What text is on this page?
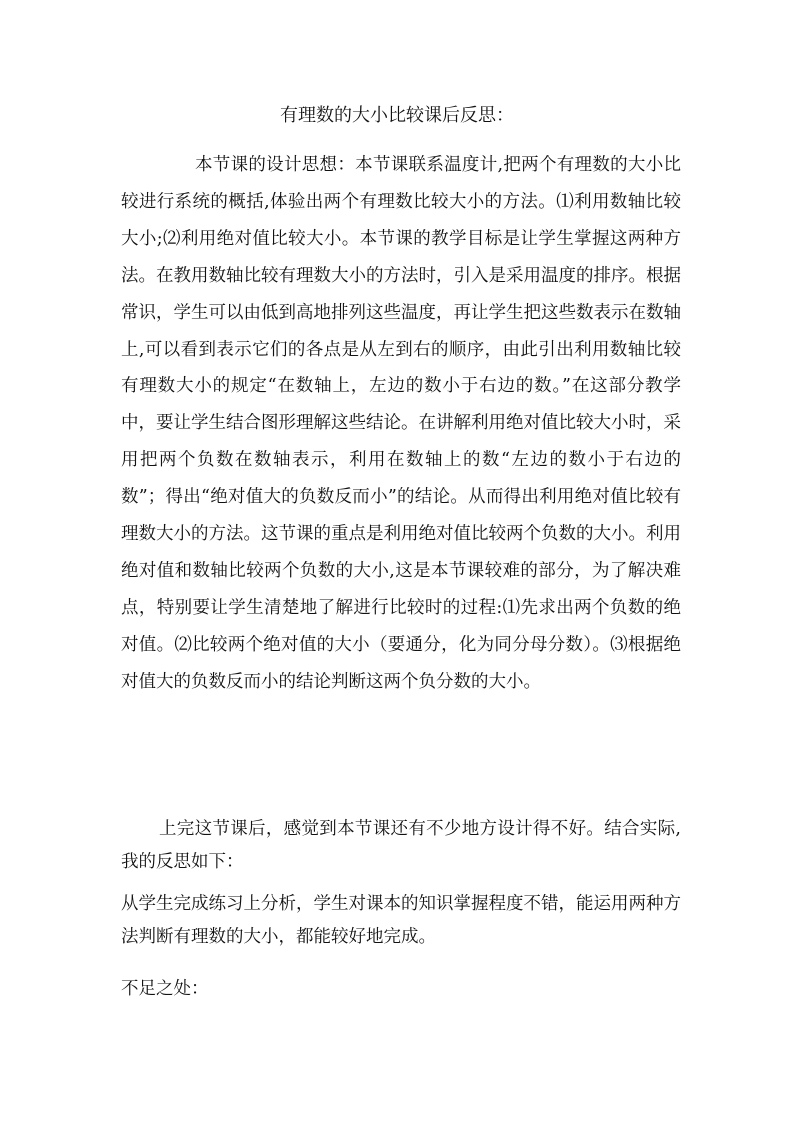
有理数的大小比较课后反思：

本节课的设计思想：本节课联系温度计,把两个有理数的大小比较进行系统的概括,体验出两个有理数比较大小的方法。⑴利用数轴比较大小;⑵利用绝对值比较大小。本节课的教学目标是让学生掌握这两种方法。在教用数轴比较有理数大小的方法时，引入是采用温度的排序。根据常识，学生可以由低到高地排列这些温度，再让学生把这些数表示在数轴上,可以看到表示它们的各点是从左到右的顺序，由此引出利用数轴比较有理数大小的规定“在数轴上，左边的数小于右边的数。”在这部分教学中，要让学生结合图形理解这些结论。在讲解利用绝对值比较大小时，采用把两个负数在数轴表示，利用在数轴上的数“左边的数小于右边的数”；得出“绝对值大的负数反而小”的结论。从而得出利用绝对值比较有理数大小的方法。这节课的重点是利用绝对值比较两个负数的大小。利用绝对值和数轴比较两个负数的大小,这是本节课较难的部分，为了解决难点，特别要让学生清楚地了解进行比较时的过程:⑴先求出两个负数的绝对值。⑵比较两个绝对值的大小（要通分，化为同分母分数）。⑶根据绝对值大的负数反而小的结论判断这两个负分数的大小。

上完这节课后，感觉到本节课还有不少地方设计得不好。结合实际,我的反思如下：

从学生完成练习上分析，学生对课本的知识掌握程度不错，能运用两种方法判断有理数的大小，都能较好地完成。

不足之处：
